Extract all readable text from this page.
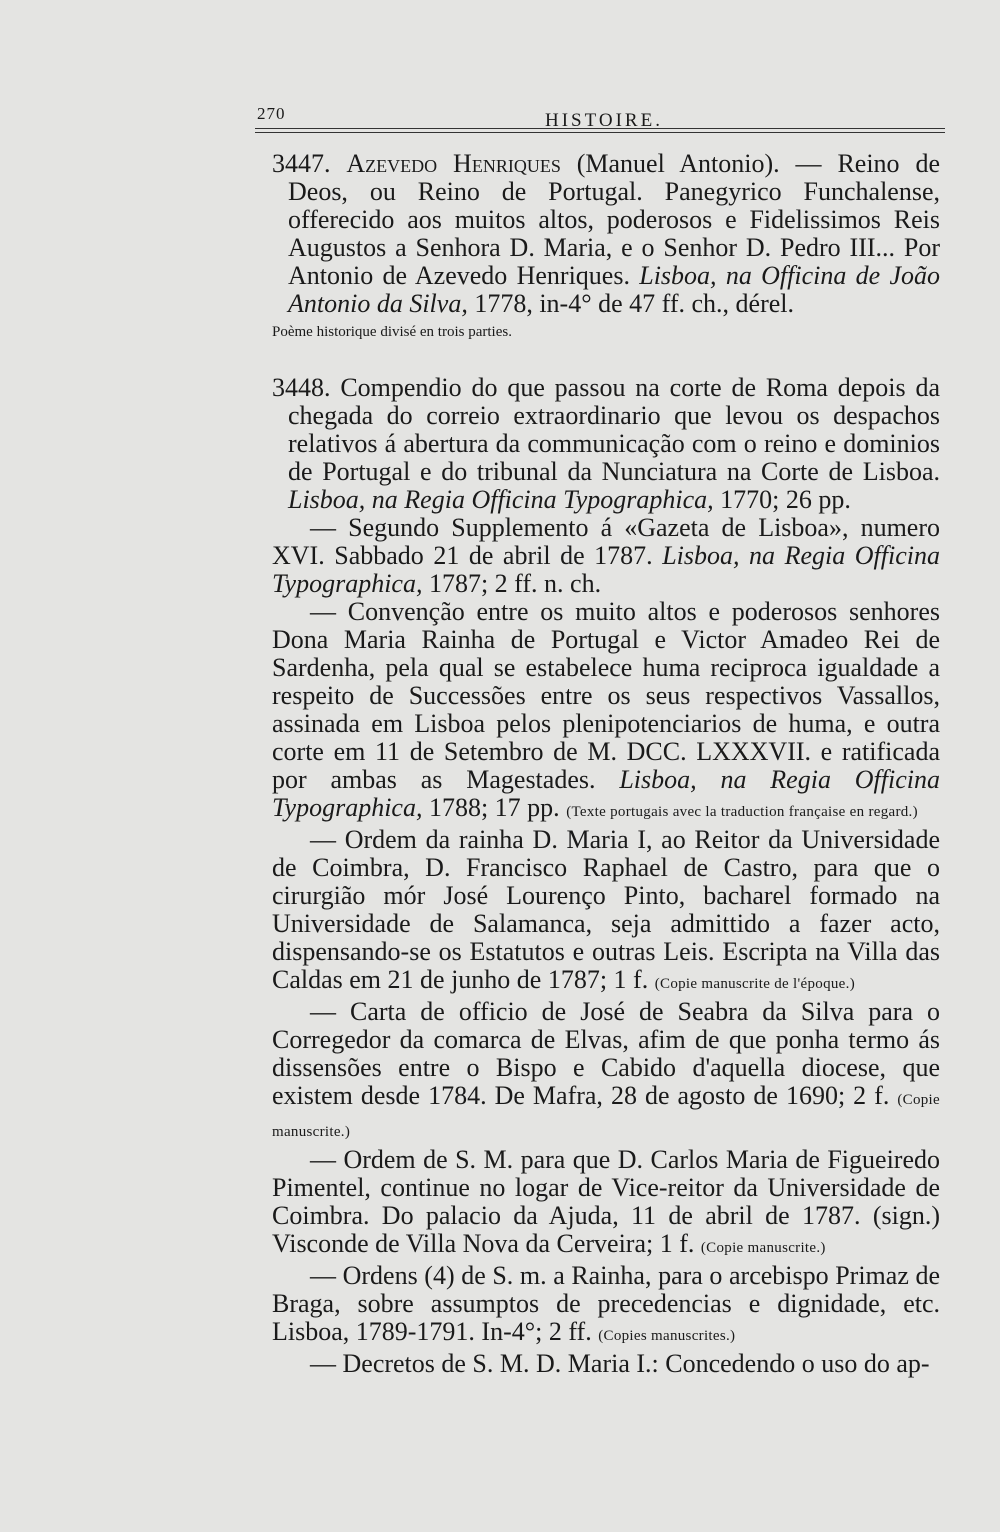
270	HISTOIRE.

3447. Azevedo Henriques (Manuel Antonio). — Reino de Deos, ou Reino de Portugal. Panegyrico Funchalense, offerecido aos muitos altos, poderosos e Fidelissimos Reis Augustos a Senhora D. Maria, e o Senhor D. Pedro III... Por Antonio de Azevedo Henriques. Lisboa, na Officina de João Antonio da Silva, 1778, in-4° de 47 ff. ch., dérel.

Poème historique divisé en trois parties.

3448. Compendio do que passou na corte de Roma depois da chegada do correio extraordinario que levou os despachos relativos á abertura da communicação com o reino e dominios de Portugal e do tribunal da Nunciatura na Corte de Lisboa. Lisboa, na Regia Officina Typographica, 1770; 26 pp.

— Segundo Supplemento á «Gazeta de Lisboa», numero XVI. Sabbado 21 de abril de 1787. Lisboa, na Regia Officina Typographica, 1787; 2 ff. n. ch.

— Convenção entre os muito altos e poderosos senhores Dona Maria Rainha de Portugal e Victor Amadeo Rei de Sardenha, pela qual se estabelece huma reciproca igualdade a respeito de Successões entre os seus respectivos Vassallos, assinada em Lisboa pelos plenipotenciarios de huma, e outra corte em 11 de Setembro de M. DCC. LXXXVII. e ratificada por ambas as Magestades. Lisboa, na Regia Officina Typographica, 1788; 17 pp. (Texte portugais avec la traduction française en regard.)

— Ordem da rainha D. Maria I, ao Reitor da Universidade de Coimbra, D. Francisco Raphael de Castro, para que o cirurgião mór José Lourenço Pinto, bacharel formado na Universidade de Salamanca, seja admittido a fazer acto, dispensando-se os Estatutos e outras Leis. Escripta na Villa das Caldas em 21 de junho de 1787; 1 f. (Copie manuscrite de l'époque.)

— Carta de officio de José de Seabra da Silva para o Corregedor da comarca de Elvas, afim de que ponha termo ás dissensões entre o Bispo e Cabido d'aquella diocese, que existem desde 1784. De Mafra, 28 de agosto de 1690; 2 f. (Copie manuscrite.)

— Ordem de S. M. para que D. Carlos Maria de Figueiredo Pimentel, continue no logar de Vice-reitor da Universidade de Coimbra. Do palacio da Ajuda, 11 de abril de 1787. (sign.) Visconde de Villa Nova da Cerveira; 1 f. (Copie manuscrite.)

— Ordens (4) de S. m. a Rainha, para o arcebispo Primaz de Braga, sobre assumptos de precedencias e dignidade, etc. Lisboa, 1789-1791. In-4°; 2 ff. (Copies manuscrites.)

— Decretos de S. M. D. Maria I.: Concedendo o uso do ap-
